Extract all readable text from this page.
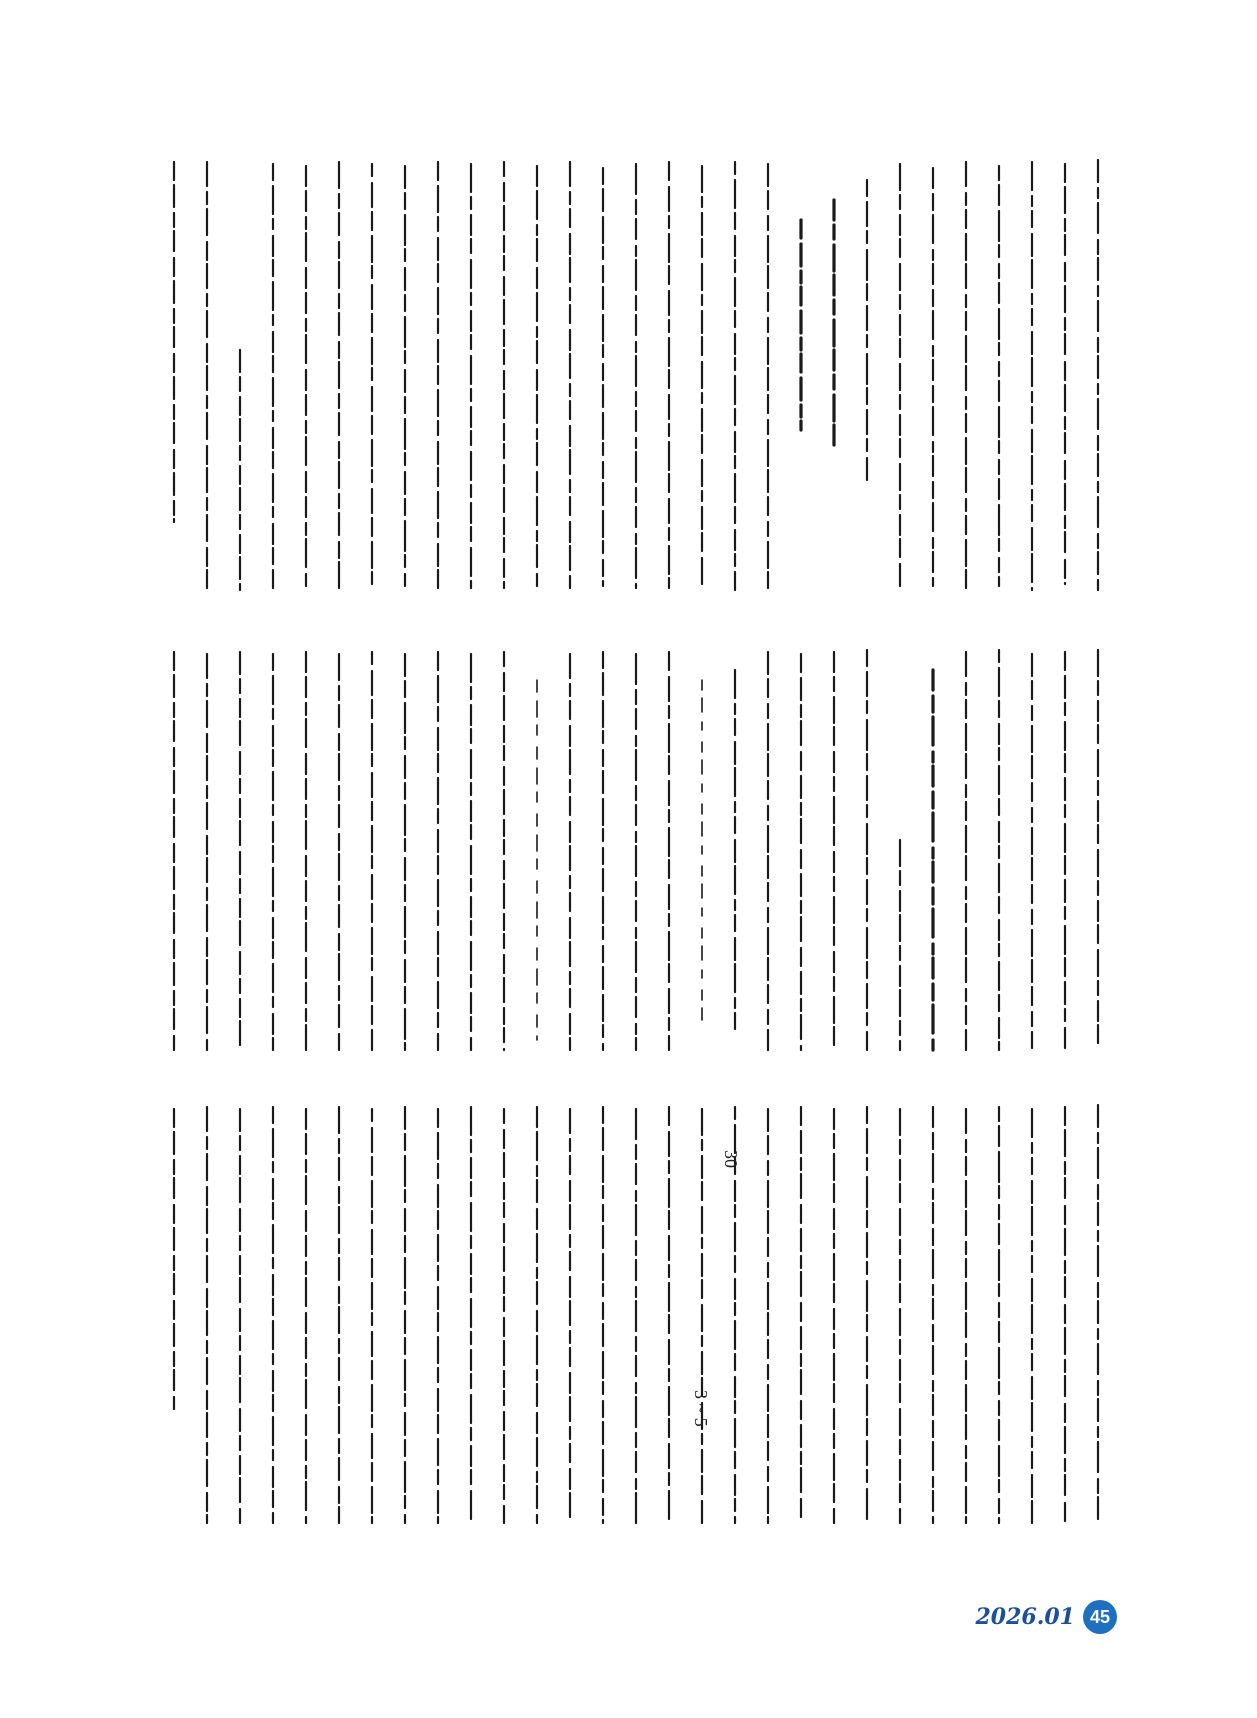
30
3 ~ 5
2026.01 45
